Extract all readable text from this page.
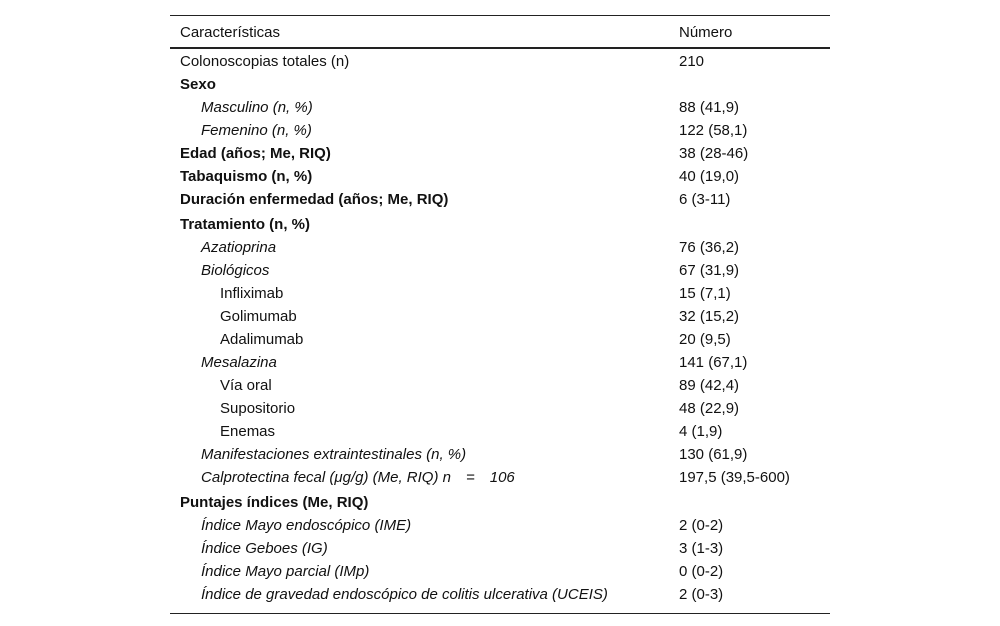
Características	Número
Colonoscopias totales (n)	210
Sexo
Masculino (n, %)	88 (41,9)
Femenino (n, %)	122 (58,1)
Edad (años; Me, RIQ)	38 (28-46)
Tabaquismo (n, %)	40 (19,0)
Duración enfermedad (años; Me, RIQ)	6 (3-11)
Tratamiento (n, %)
Azatioprina	76 (36,2)
Biológicos	67 (31,9)
Infliximab	15 (7,1)
Golimumab	32 (15,2)
Adalimumab	20 (9,5)
Mesalazina	141 (67,1)
Vía oral	89 (42,4)
Supositorio	48 (22,9)
Enemas	4 (1,9)
Manifestaciones extraintestinales (n, %)	130 (61,9)
Calprotectina fecal (μg/g) (Me, RIQ) n = 106	197,5 (39,5-600)
Puntajes índices (Me, RIQ)
Índice Mayo endoscópico (IME)	2 (0-2)
Índice Geboes (IG)	3 (1-3)
Índice Mayo parcial (IMp)	0 (0-2)
Índice de gravedad endoscópico de colitis ulcerativa (UCEIS)	2 (0-3)
